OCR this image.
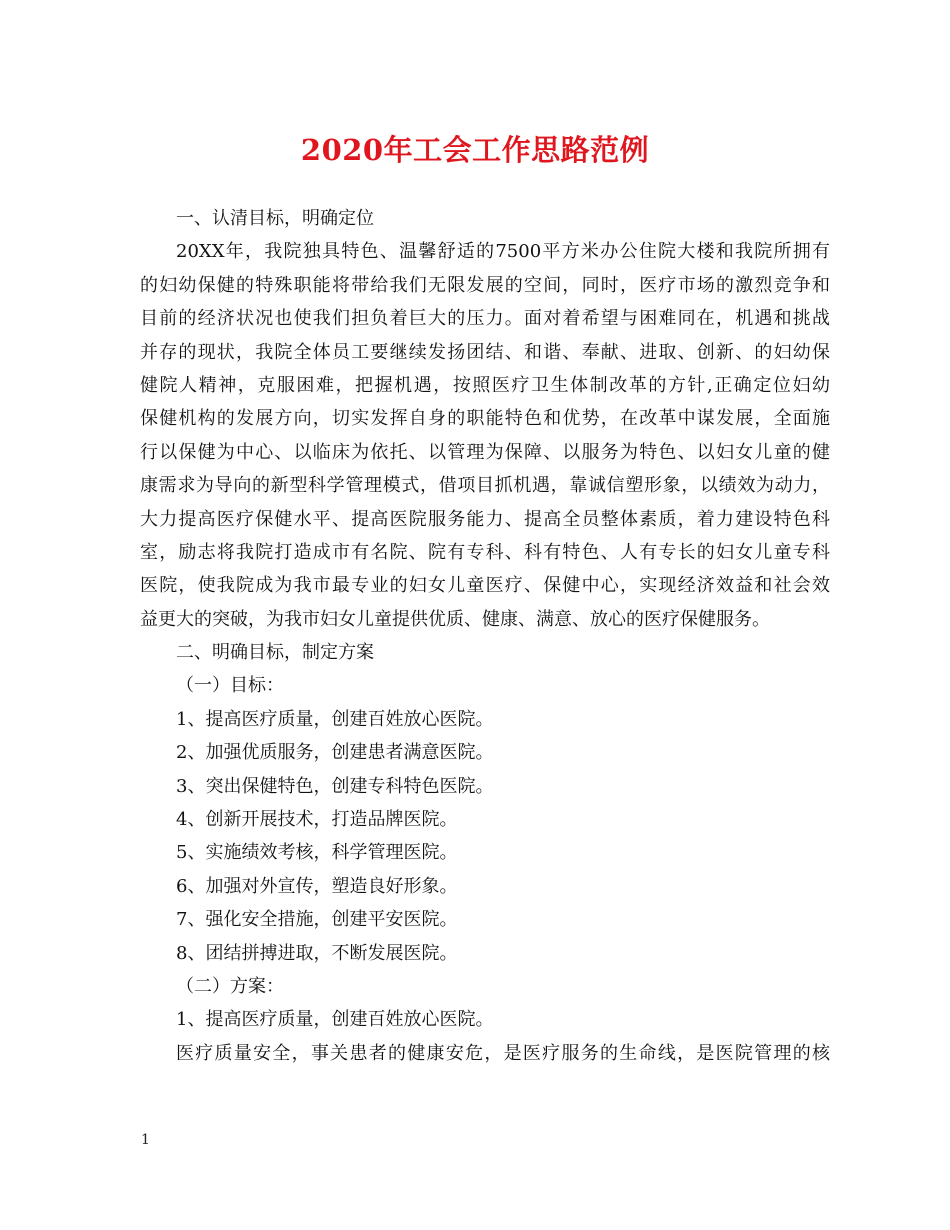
2020年工会工作思路范例
一、认清目标，明确定位
20XX年，我院独具特色、温馨舒适的7500平方米办公住院大楼和我院所拥有
的妇幼保健的特殊职能将带给我们无限发展的空间，同时，医疗市场的激烈竞争和
目前的经济状况也使我们担负着巨大的压力。面对着希望与困难同在，机遇和挑战
并存的现状，我院全体员工要继续发扬团结、和谐、奉献、进取、创新、的妇幼保
健院人精神，克服困难，把握机遇，按照医疗卫生体制改革的方针,正确定位妇幼
保健机构的发展方向，切实发挥自身的职能特色和优势，在改革中谋发展，全面施
行以保健为中心、以临床为依托、以管理为保障、以服务为特色、以妇女儿童的健
康需求为导向的新型科学管理模式，借项目抓机遇，靠诚信塑形象，以绩效为动力，
大力提高医疗保健水平、提高医院服务能力、提高全员整体素质，着力建设特色科
室，励志将我院打造成市有名院、院有专科、科有特色、人有专长的妇女儿童专科
医院，使我院成为我市最专业的妇女儿童医疗、保健中心，实现经济效益和社会效
益更大的突破，为我市妇女儿童提供优质、健康、满意、放心的医疗保健服务。
二、明确目标，制定方案
（一）目标：
1、提高医疗质量，创建百姓放心医院。
2、加强优质服务，创建患者满意医院。
3、突出保健特色，创建专科特色医院。
4、创新开展技术，打造品牌医院。
5、实施绩效考核，科学管理医院。
6、加强对外宣传，塑造良好形象。
7、强化安全措施，创建平安医院。
8、团结拼搏进取，不断发展医院。
（二）方案：
1、提高医疗质量，创建百姓放心医院。
医疗质量安全，事关患者的健康安危，是医疗服务的生命线，是医院管理的核
1
